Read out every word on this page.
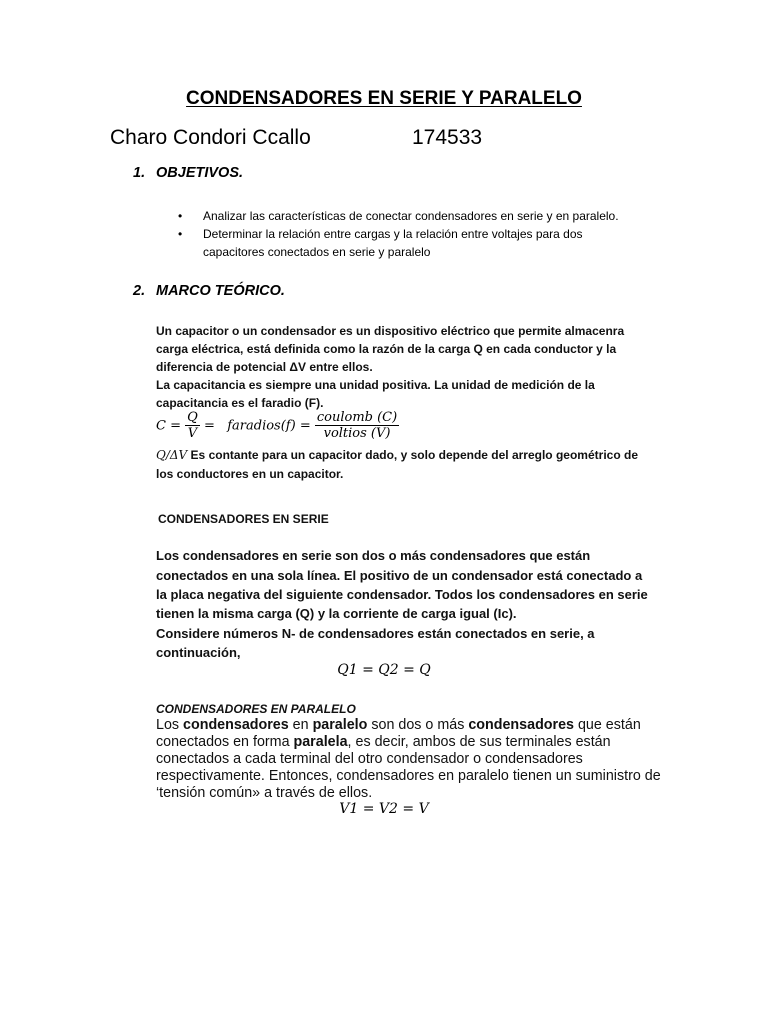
CONDENSADORES EN SERIE Y PARALELO
Charo Condori Ccallo	174533
1. OBJETIVOS.
• Analizar las características de conectar condensadores en serie y en paralelo.
• Determinar la relación entre cargas y la relación entre voltajes para dos
capacitores conectados en serie y paralelo
2. MARCO TEÓRICO.
Un capacitor o un condensador es un dispositivo eléctrico que permite almacenra
carga eléctrica, está definida como la razón de la carga Q en cada conductor y la
diferencia de potencial ΔV entre ellos.
La capacitancia es siempre una unidad positiva. La unidad de medición de la
capacitancia es el faradio (F).
$C = \frac{Q}{V}$ =   faradios(f) = $\frac{\text{coulomb (C)}}{\text{voltios (V)}}$
Q/ΔV Es contante para un capacitor dado, y solo depende del arreglo geométrico de
los conductores en un capacitor.
CONDENSADORES EN SERIE
Los condensadores en serie son dos o más condensadores que están
conectados en una sola línea. El positivo de un condensador está conectado a
la placa negativa del siguiente condensador. Todos los condensadores en serie
tienen la misma carga (Q) y la corriente de carga igual (Ic).
Considere números N- de condensadores están conectados en serie, a
continuación,
Q1 = Q2 = Q
CONDENSADORES EN PARALELO
Los condensadores en paralelo son dos o más condensadores que están
conectados en forma paralela, es decir, ambos de sus terminales están
conectados a cada terminal del otro condensador o condensadores
respectivamente. Entonces, condensadores en paralelo tienen un suministro de
‘tensión común» a través de ellos.
V1 = V2 = V
